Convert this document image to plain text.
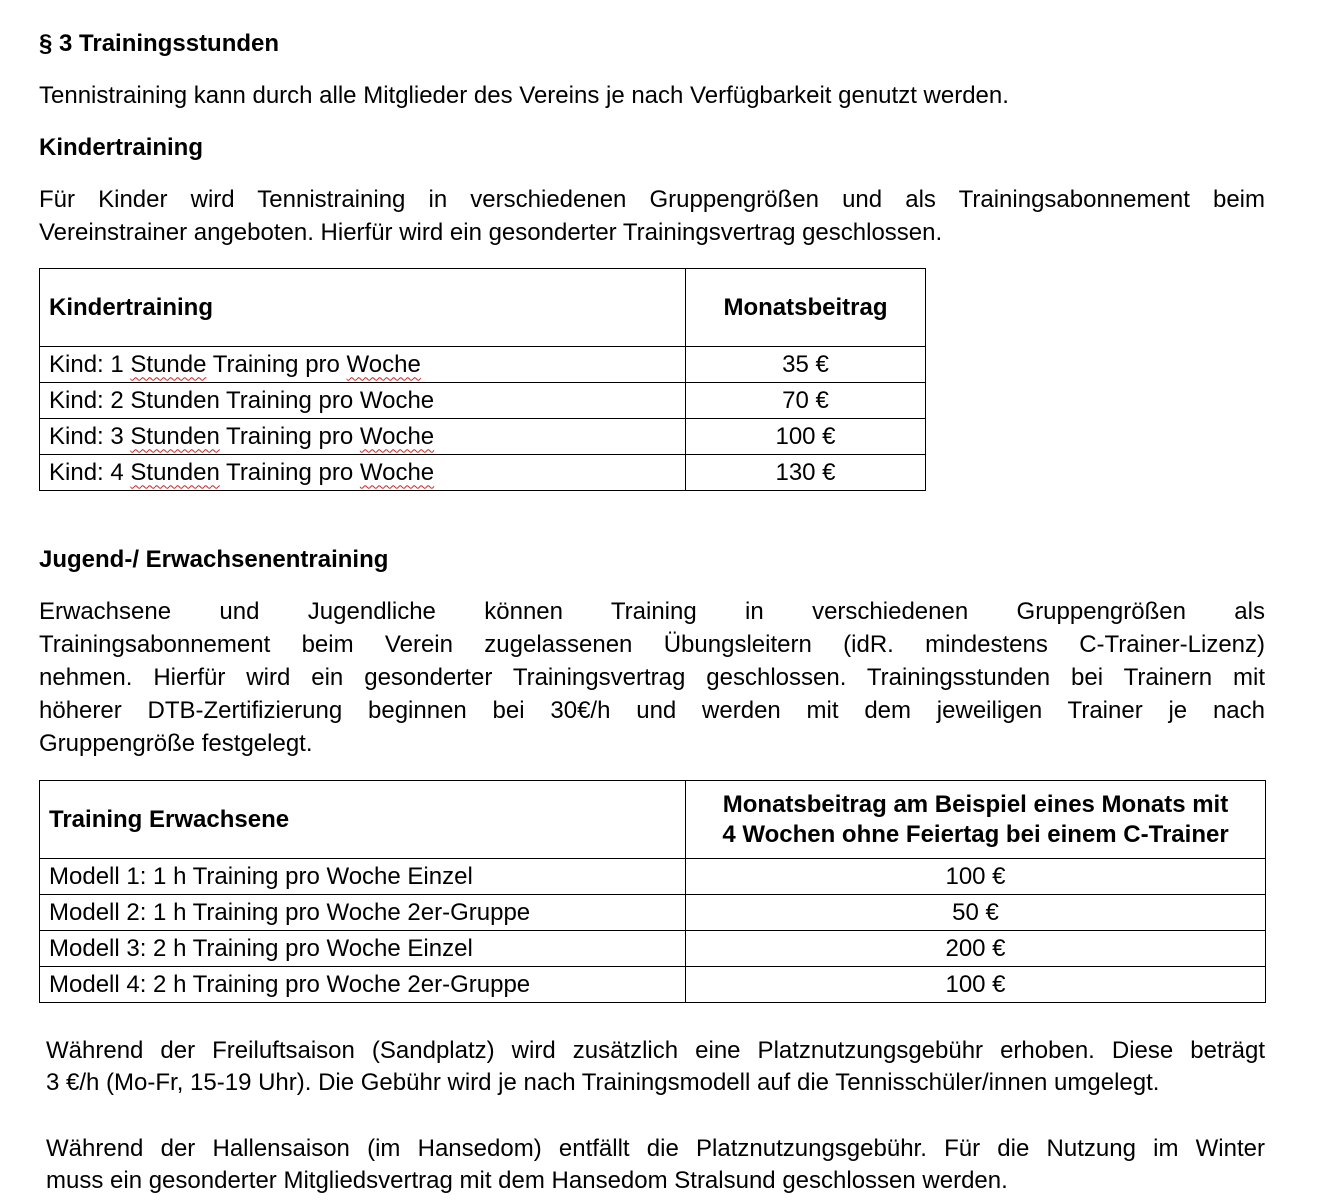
§ 3 Trainingsstunden

Tennistraining kann durch alle Mitglieder des Vereins je nach Verfügbarkeit genutzt werden.

Kindertraining

Für Kinder wird Tennistraining in verschiedenen Gruppengrößen und als Trainingsabonnement beim

Vereinstrainer angeboten. Hierfür wird ein gesonderter Trainingsvertrag geschlossen.

Kindertraining	Monatsbeitrag
Kind: 1 Stunde Training pro Woche	35 €
Kind: 2 Stunden Training pro Woche	70 €
Kind: 3 Stunden Training pro Woche	100 €
Kind: 4 Stunden Training pro Woche	130 €

Jugend-/ Erwachsenentraining

Erwachsene und Jugendliche können Training in verschiedenen Gruppengrößen als

Trainingsabonnement beim Verein zugelassenen Übungsleitern (idR. mindestens C-Trainer-Lizenz)

nehmen. Hierfür wird ein gesonderter Trainingsvertrag geschlossen. Trainingsstunden bei Trainern mit

höherer DTB-Zertifizierung beginnen bei 30€/h und werden mit dem jeweiligen Trainer je nach

Gruppengröße festgelegt.

Training Erwachsene	Monatsbeitrag am Beispiel eines Monats mit
4 Wochen ohne Feiertag bei einem C-Trainer
Modell 1: 1 h Training pro Woche Einzel	100 €
Modell 2: 1 h Training pro Woche 2er-Gruppe	50 €
Modell 3: 2 h Training pro Woche Einzel	200 €
Modell 4: 2 h Training pro Woche 2er-Gruppe	100 €

Während der Freiluftsaison (Sandplatz) wird zusätzlich eine Platznutzungsgebühr erhoben. Diese beträgt

3 €/h (Mo-Fr, 15-19 Uhr). Die Gebühr wird je nach Trainingsmodell auf die Tennisschüler/innen umgelegt.

Während der Hallensaison (im Hansedom) entfällt die Platznutzungsgebühr. Für die Nutzung im Winter

muss ein gesonderter Mitgliedsvertrag mit dem Hansedom Stralsund geschlossen werden.
